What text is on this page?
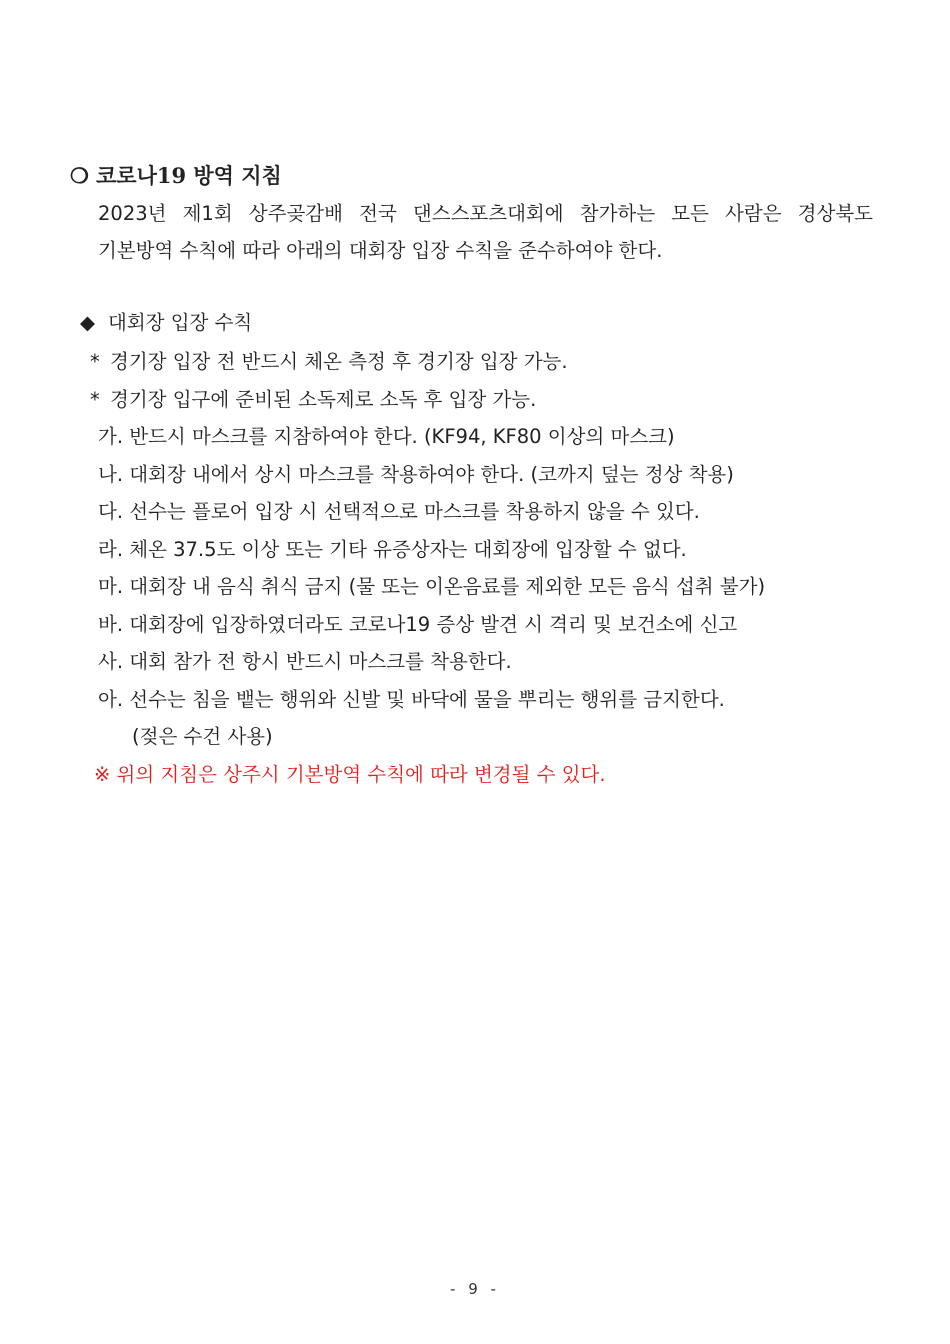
❍ 코로나19 방역 지침
2023년 제1회 상주곶감배 전국 댄스스포츠대회에 참가하는 모든 사람은 경상북도
기본방역 수칙에 따라 아래의 대회장 입장 수칙을 준수하여야 한다.
◆ 대회장 입장 수칙
* 경기장 입장 전 반드시 체온 측정 후 경기장 입장 가능.
* 경기장 입구에 준비된 소독제로 소독 후 입장 가능.
가. 반드시 마스크를 지참하여야 한다. (KF94, KF80 이상의 마스크)
나. 대회장 내에서 상시 마스크를 착용하여야 한다. (코까지 덮는 정상 착용)
다. 선수는 플로어 입장 시 선택적으로 마스크를 착용하지 않을 수 있다.
라. 체온 37.5도 이상 또는 기타 유증상자는 대회장에 입장할 수 없다.
마. 대회장 내 음식 취식 금지 (물 또는 이온음료를 제외한 모든 음식 섭취 불가)
바. 대회장에 입장하였더라도 코로나19 증상 발견 시 격리 및 보건소에 신고
사. 대회 참가 전 항시 반드시 마스크를 착용한다.
아. 선수는 침을 뱉는 행위와 신발 및 바닥에 물을 뿌리는 행위를 금지한다.
(젖은 수건 사용)
※ 위의 지침은 상주시 기본방역 수칙에 따라 변경될 수 있다.
- 9 -
